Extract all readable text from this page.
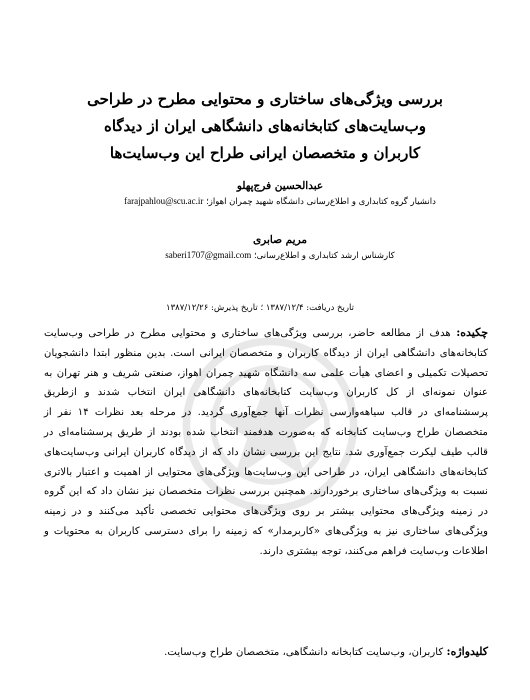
بررسی ویژگی‌های ساختاری و محتوایی مطرح در طراحی
وب‌سایت‌های کتابخانه‌های دانشگاهی ایران از دیدگاه
کاربران و متخصصان ایرانی طراح این وب‌سایت‌ها
عبدالحسین فرج‌پهلو
دانشیار گروه کتابداری و اطلاع‌رسانی دانشگاه شهید چمران اهواز؛ farajpahlou@scu.ac.ir
مریم صابری
کارشناس ارشد کتابداری و اطلاع‌رسانی؛ saberi1707@gmail.com
تاریخ دریافت: ۱۳۸۷/۱۲/۴ ؛ تاریخ پذیرش: ۱۳۸۷/۱۲/۲۶
چکیده: هدف از مطالعه حاضر، بررسی ویژگی‌های ساختاری و محتوایی مطرح در طراحی وب‌سایت کتابخانه‌های دانشگاهی ایران از دیدگاه کاربران و متخصصان ایرانی است. بدین منظور ابتدا دانشجویان تحصیلات تکمیلی و اعضای هیأت علمی سه دانشگاه شهید چمران اهواز، صنعتی شریف و هنر تهران به عنوان نمونه‌ای از کل کاربران وب‌سایت کتابخانه‌های دانشگاهی ایران انتخاب شدند و ازطریق پرسشنامه‌ای در قالب سیاهه‌وارسی نظرات آنها جمع‌آوری گردید. در مرحله بعد نظرات ۱۴ نفر از متخصصان طراح وب‌سایت کتابخانه که به‌صورت هدفمند انتخاب شده بودند از طریق پرسشنامه‌ای در قالب طیف لیکرت جمع‌آوری شد. نتایج این بررسی نشان داد که از دیدگاه کاربران ایرانی وب‌سایت‌های کتابخانه‌های دانشگاهی ایران، در طراحی این وب‌سایت‌ها ویژگی‌های محتوایی از اهمیت و اعتبار بالاتری نسبت به ویژگی‌های ساختاری برخوردارند. همچنین بررسی نظرات متخصصان نیز نشان داد که این گروه در زمینه ویژگی‌های محتوایی بیشتر بر روی ویژگی‌های محتوایی تخصصی تأکید می‌کنند و در زمینه ویژگی‌های ساختاری نیز به ویژگی‌های «کاربرمدار» که زمینه را برای دسترسی کاربران به محتویات و اطلاعات وب‌سایت فراهم می‌کنند، توجه بیشتری دارند.
کلیدواژه: کاربران، وب‌سایت کتابخانه دانشگاهی، متخصصان طراح وب‌سایت.
